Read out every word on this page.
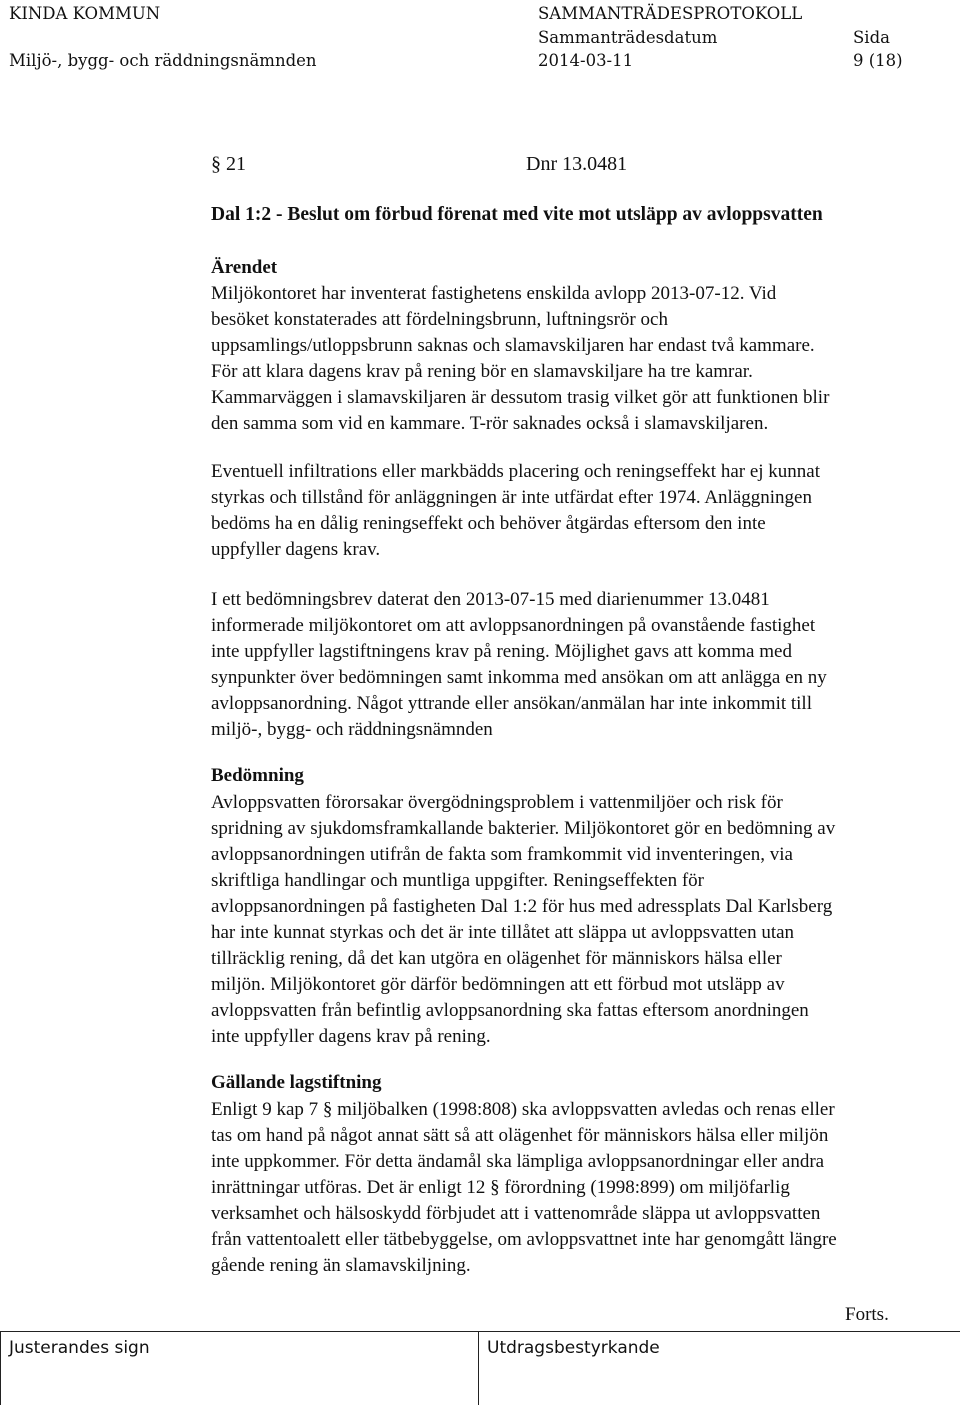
KINDA KOMMUN	SAMMANTRÄDESPROTOKOLL
Sammanträdesdatum	Sida
Miljö-, bygg- och räddningsnämnden	2014-03-11	9 (18)
§ 21	Dnr 13.0481
Dal 1:2 - Beslut om förbud förenat med vite mot utsläpp av avloppsvatten
Ärendet
Miljökontoret har inventerat fastighetens enskilda avlopp 2013-07-12. Vid
besöket konstaterades att fördelningsbrunn, luftningsrör och
uppsamlings/utloppsbrunn saknas och slamavskiljaren har endast två kammare.
För att klara dagens krav på rening bör en slamavskiljare ha tre kamrar.
Kammarväggen i slamavskiljaren är dessutom trasig vilket gör att funktionen blir
den samma som vid en kammare. T-rör saknades också i slamavskiljaren.
Eventuell infiltrations eller markbädds placering och reningseffekt har ej kunnat
styrkas och tillstånd för anläggningen är inte utfärdat efter 1974. Anläggningen
bedöms ha en dålig reningseffekt och behöver åtgärdas eftersom den inte
uppfyller dagens krav.
I ett bedömningsbrev daterat den 2013-07-15 med diarienummer 13.0481
informerade miljökontoret om att avloppsanordningen på ovanstående fastighet
inte uppfyller lagstiftningens krav på rening. Möjlighet gavs att komma med
synpunkter över bedömningen samt inkomma med ansökan om att anlägga en ny
avloppsanordning. Något yttrande eller ansökan/anmälan har inte inkommit till
miljö-, bygg- och räddningsnämnden
Bedömning
Avloppsvatten förorsakar övergödningsproblem i vattenmiljöer och risk för
spridning av sjukdomsframkallande bakterier. Miljökontoret gör en bedömning av
avloppsanordningen utifrån de fakta som framkommit vid inventeringen, via
skriftliga handlingar och muntliga uppgifter. Reningseffekten för
avloppsanordningen på fastigheten Dal 1:2 för hus med adressplats Dal Karlsberg
har inte kunnat styrkas och det är inte tillåtet att släppa ut avloppsvatten utan
tillräcklig rening, då det kan utgöra en olägenhet för människors hälsa eller
miljön. Miljökontoret gör därför bedömningen att ett förbud mot utsläpp av
avloppsvatten från befintlig avloppsanordning ska fattas eftersom anordningen
inte uppfyller dagens krav på rening.
Gällande lagstiftning
Enligt 9 kap 7 § miljöbalken (1998:808) ska avloppsvatten avledas och renas eller
tas om hand på något annat sätt så att olägenhet för människors hälsa eller miljön
inte uppkommer. För detta ändamål ska lämpliga avloppsanordningar eller andra
inrättningar utföras. Det är enligt 12 § förordning (1998:899) om miljöfarlig
verksamhet och hälsoskydd förbjudet att i vattenområde släppa ut avloppsvatten
från vattentoalett eller tätbebyggelse, om avloppsvattnet inte har genomgått längre
gående rening än slamavskiljning.
Forts.
Justerandes sign	Utdragsbestyrkande
